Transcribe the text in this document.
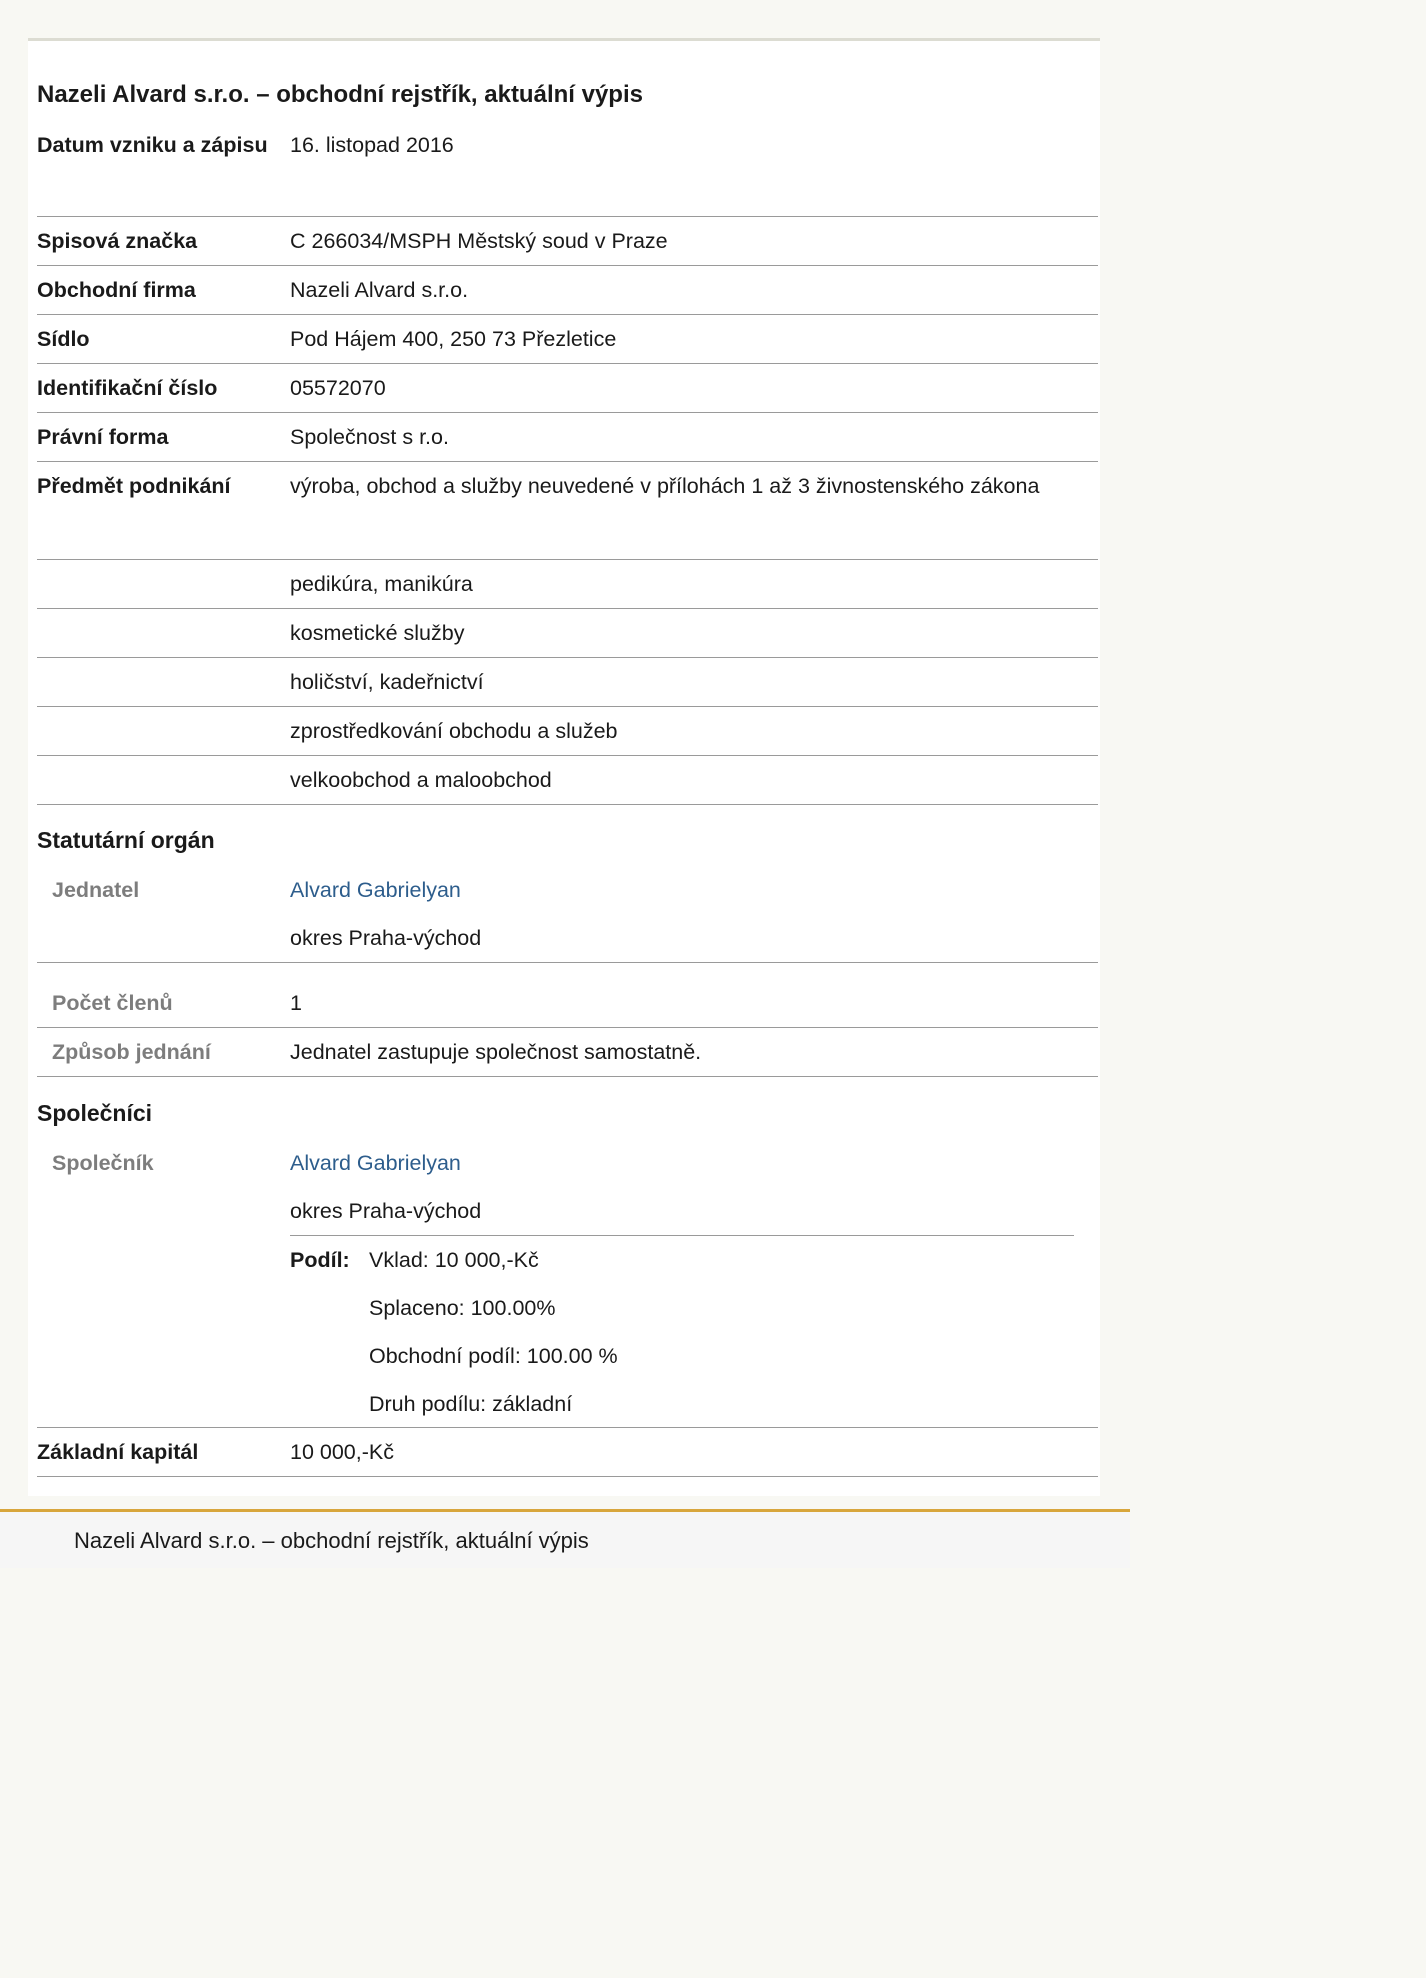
Nazeli Alvard s.r.o. – obchodní rejstřík, aktuální výpis
Datum vzniku a zápisu	16. listopad 2016
Spisová značka	C 266034/MSPH Městský soud v Praze
Obchodní firma	Nazeli Alvard s.r.o.
Sídlo	Pod Hájem 400, 250 73 Přezletice
Identifikační číslo	05572070
Právní forma	Společnost s r.o.
Předmět podnikání	výroba, obchod a služby neuvedené v přílohách 1 až 3 živnostenského zákona
pedikúra, manikúra
kosmetické služby
holičství, kadeřnictví
zprostředkování obchodu a služeb
velkoobchod a maloobchod
Statutární orgán
Jednatel	Alvard Gabrielyan
okres Praha-východ
Počet členů	1
Způsob jednání	Jednatel zastupuje společnost samostatně.
Společníci
Společník	Alvard Gabrielyan
okres Praha-východ
Podíl: Vklad: 10 000,-Kč
Splaceno: 100.00%
Obchodní podíl: 100.00 %
Druh podílu: základní
Základní kapitál	10 000,-Kč
Nazeli Alvard s.r.o. – obchodní rejstřík, aktuální výpis
